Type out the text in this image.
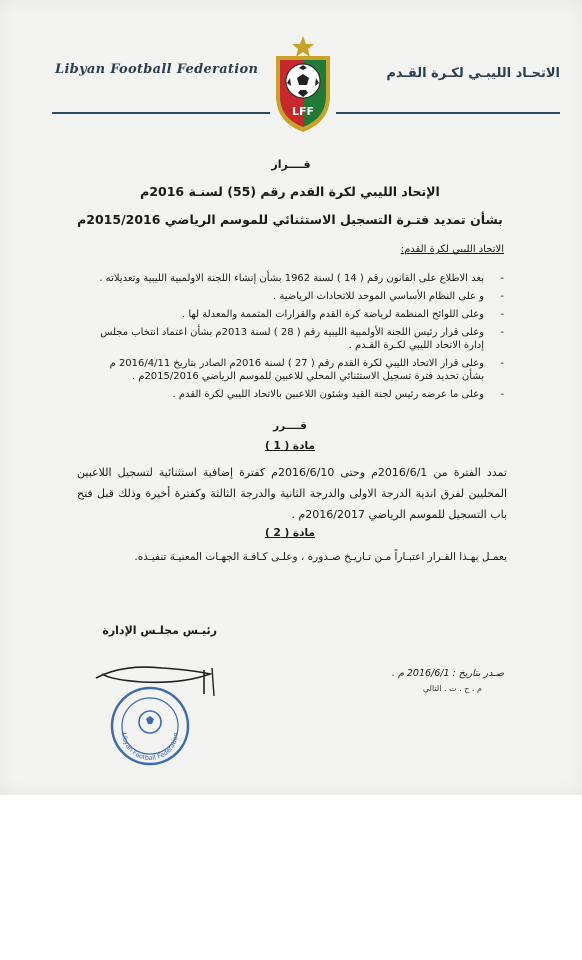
Libyan Football Federation	الاتحـاد الليبـي لكـرة القـدم
LFF
قــــرار
الإتحاد الليبي لكرة القدم رقم (55) لسنـة 2016م
بشأن تمديد فتـرة التسجيل الاستثنائي للموسم الرياضي 2015/2016م
الاتحاد الليبي لكرة القدم:
-
بعد الاطلاع على القانون رقم ( 14 ) لسنة 1962 بشأن إنشاء اللجنة الاولمبية الليبية وتعديلاته .
-
و على النظام الأساسي الموحد للاتحادات الرياضية .
-
وعلى اللوائح المنظمة لرياضة كرة القدم والقرارات المتممة والمعدلة لها .
-
وعلى قرار رئيس اللجنة الأولمبية الليبية رقم ( 28 ) لسنة 2013م بشأن اعتماد انتخاب مجلس إدارة الاتحاد الليبي لكـرة القـدم .
-
وعلى قرار الاتحاد الليبي لكرة القدم رقم ( 27 ) لسنة 2016م الصادر بتاريخ 2016/4/11 م بشأن تحديد فترة تسجيل الاستثنائي المحلي للاعبين للموسم الرياضي 2015/2016م .
-
وعلى ما عرضه رئيس لجنة القيد وشئون اللاعبين بالاتحاد الليبي لكرة القدم .
قــــرر
مادة ( 1 )
تمدد الفترة من 2016/6/1م وحتى 2016/6/10م كفترة إضافية استثنائية لتسجيل اللاعبين المحليين لفرق اندية الدرجة الاولى والدرجة الثانية والدرجة الثالثة وكفترة أخيرة وذلك قبل فتح باب التسجيل للموسم الرياضي 2016/2017م .
مادة ( 2 )
يعمـل بهـذا القـرار اعتبـاراً مـن تـاريـخ صـدوره ، وعلـى كـافـة الجهـات المعنيـة تنفيـذه.
رئيـس مجلـس الإدارة
صـدر بتاريخ : 2016/6/1 م .
م . ح . ت . التالي
Libyan Football Federation
